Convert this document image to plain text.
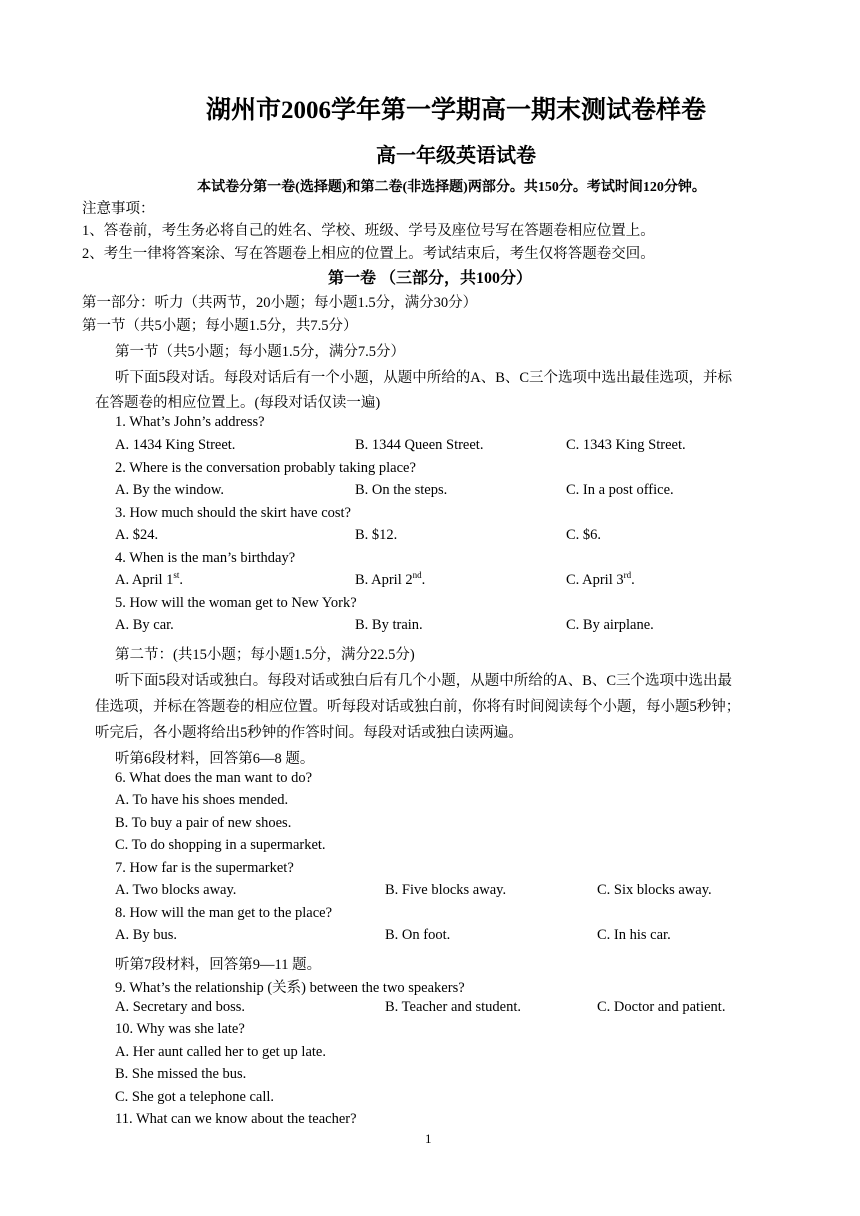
湖州市2006学年第一学期高一期末测试卷样卷
高一年级英语试卷
本试卷分第一卷(选择题)和第二卷(非选择题)两部分。共150分。考试时间120分钟。
注意事项：
1、答卷前，考生务必将自己的姓名、学校、班级、学号及座位号写在答题卷相应位置上。
2、考生一律将答案涂、写在答题卷上相应的位置上。考试结束后，考生仅将答题卷交回。
第一卷 （三部分，共100分）
第一部分：听力（共两节，20小题；每小题1.5分，满分30分）
第一节（共5小题；每小题1.5分，共7.5分）
第一节（共5小题；每小题1.5分，满分7.5分）
听下面5段对话。每段对话后有一个小题，从题中所给的A、B、C三个选项中选出最佳选项，并标
在答题卷的相应位置上。(每段对话仅读一遍)
1. What’s John’s address?
A. 1434 King Street.	B. 1344 Queen Street.	C. 1343 King Street.
2. Where is the conversation probably taking place?
A. By the window.	B. On the steps.	C. In a post office.
3. How much should the skirt have cost?
A. $24.	B. $12.	C. $6.
4. When is the man’s birthday?
A. April 1st.	B. April 2nd.	C. April 3rd.
5. How will the woman get to New York?
A. By car.	B. By train.	C. By airplane.
第二节：(共15小题；每小题1.5分，满分22.5分)
听下面5段对话或独白。每段对话或独白后有几个小题，从题中所给的A、B、C三个选项中选出最
佳选项，并标在答题卷的相应位置。听每段对话或独白前，你将有时间阅读每个小题，每小题5秒钟；
听完后，各小题将给出5秒钟的作答时间。每段对话或独白读两遍。
听第6段材料，回答第6—8 题。
6. What does the man want to do?
A. To have his shoes mended.
B. To buy a pair of new shoes.
C. To do shopping in a supermarket.
7. How far is the supermarket?
A. Two blocks away.	B. Five blocks away.	C. Six blocks away.
8. How will the man get to the place?
A. By bus.	B. On foot.	C. In his car.
听第7段材料，回答第9—11 题。
9. What’s the relationship (关系) between the two speakers?
A. Secretary and boss.	B. Teacher and student.	C. Doctor and patient.
10. Why was she late?
A. Her aunt called her to get up late.
B. She missed the bus.
C. She got a telephone call.
11. What can we know about the teacher?
1
